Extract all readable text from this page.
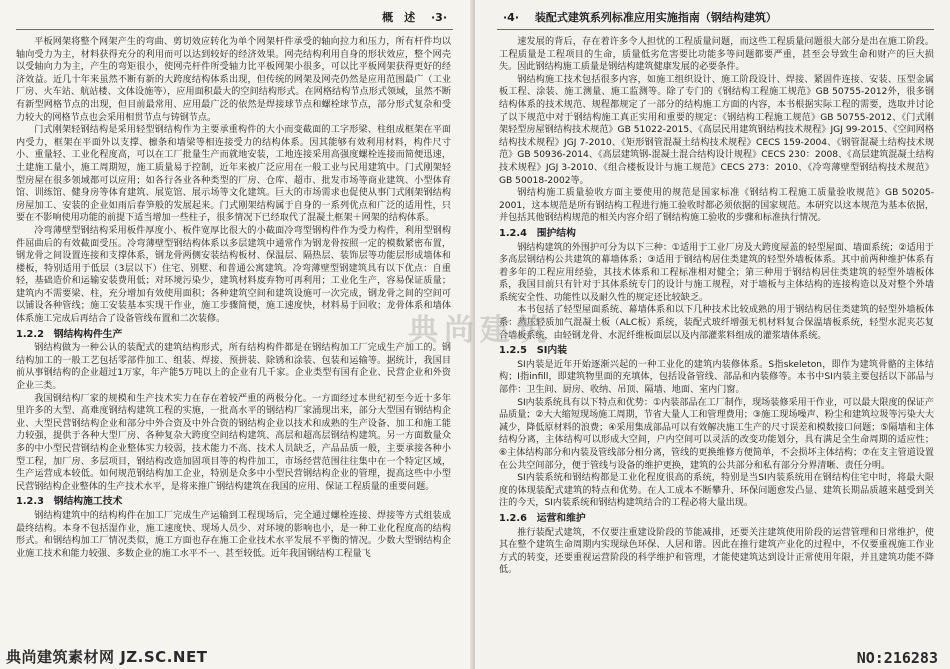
概　述 ·3·

平板网架将整个网架产生的弯曲、剪切效应转化为单个网架杆件承受的轴向拉力和压力，所有杆件均以轴向受力为主，材料获得充分的利用而可以达到较好的经济效果。网壳结构利用自身的形状效应，整个网壳以受轴向力为主，产生的弯矩很小，使网壳杆件所受轴力比平板网架小很多，可以比平板网架获得更好的经济效益。近几十年来虽然不断有新的大跨度结构体系出现，但传统的网架及网壳仍然是应用范围最广（工业厂房、火车站、航站楼、文体设施等），应用面积最大的空间结构形式。在网格结构节点形式领域，虽然不断有新型网格节点的出现，但目前最常用、应用最广泛的依然是焊接球节点和螺栓球节点，部分形式复杂和受力较大的网格节点也会采用相贯节点与铸钢节点。

门式刚架轻钢结构是采用轻型钢结构作为主要承重构件的大小而变截面的工字形梁、柱组成框架在平面内受力，框架在平面外以支撑、檩条和墙梁等相连接受力的结构体系。因其能够有效利用材料，构件尺寸小、重量轻、工业化程度高，可以在工厂批量生产而就地安装，工地连接采用高强度螺栓连接而简便迅速，土建施工量小，施工周期短，施工质量易于控制，近年来被广泛应用在一般工业与民用建筑中。门式刚架轻型房屋在很多领域都可以应用；如各行各业各种类型的厂房、仓库、超市、批发市场等商业建筑、小型体育馆、训练馆、健身房等体育建筑、展览馆、展示场等文化建筑。巨大的市场需求也促使从事门式刚架钢结构房屋加工、安装的企业如雨后春笋般的发展起来。门式刚架结构属于自身的一系列优点和广泛的适用性，只要在不影响使用功能的前提下适当增加一些柱子，很多情况下已经取代了混凝土框架＋网架的结构体系。

冷弯薄壁型钢结构采用板件厚度小、板件宽厚比很大的小截面冷弯型钢构件作为受力构件，利用型钢构件屈曲后的有效截面受压。冷弯薄壁型钢结构体系以多层建筑中通常作为钢龙骨按照一定的模数紧密布置，钢龙骨之间设置连接和支撑体系，钢龙骨两侧安装结构板材、保温层、隔热层、装饰层等功能层形成墙体和楼板，特别适用于低层（3层以下）住宅、别墅、和普通公寓建筑。冷弯薄壁型钢建筑具有以下优点：自重轻，基础造价和运输安装费用低；对环境污染少，建筑材料废弃物可再利用；工业化生产，容易保证质量；建筑内不需要梁、柱，充分增加有效使用面积；各种建筑空间和建筑设施可一次完成，钢龙骨之间的空间可以铺设各种管线；施工安装基本实现干作业，施工步骤简便，施工速度快，材料易于回收；龙骨体系和墙体体系施工完成后再结合了设备管线布置和二次装修。

1.2.2　钢结构构件生产

钢结构做为一种公认的装配式的建筑结构形式，所有结构构件都是在钢结构加工厂完成生产加工的。钢结构加工的一般工艺包括零部件加工、组装、焊接、预拼装、除锈和涂装、包装和运输等。据统计，我国目前从事钢结构的企业超过1万家，年产能5万吨以上的企业有几千家。企业类型有国有企业、民营企业和外资企业三类。

我国钢结构厂家的规模和生产技术实力在存在着较严重的两极分化。一方面经过本世纪初至今近十多年里许多的大型、高难度钢结构建筑工程的实施，一批高水平的钢结构厂家涌现出来，部分大型国有钢结构企业、大型民营钢结构企业和部分中外合资及中外合资的钢结构企业以技术和成熟的生产设备、加工和施工能力较强，提供于各种大型厂房、各种复杂大跨度空间结构建筑、高层和超高层钢结构建筑。另一方面数量众多的中小型民营钢结构企业整体实力较弱，技术能力不高、技术人员缺乏，产品品质一般，主要承接各种小型工程，加厂房、多层项目，钢结构改造加固项目等的构件加工，市场经营范围往往集中在一个特定区域，生产运营成本较低。如何规范钢结构加工企业，特别是众多中小型民营钢结构企业的管理，提高这些中小型民营钢结构企业整体的生产技术水平，是将来推广钢结构建筑在我国的应用、保证工程质量的重要问题。

1.2.3　钢结构施工技术

钢结构建筑中的结构构件在加工厂完成生产运输到工程现场后，完全通过螺栓连接、焊接等方式组装成最终结构。本身不包括湿作业，施工速度快、现场人员少、对环境的影响也小，是一种工业化程度高的结构形式。和钢结构加工厂情况类似，施工方面也存在施工企业技术水平发展不平衡的情况。少数大型钢结构企业施工技术和能力较强、多数企业的施工水平不一、甚至较低。近年我国钢结构工程量飞

·4· 装配式建筑系列标准应用实施指南（钢结构建筑）

速发展的背后，存在着许多令人担忧的工程质量问题，而这些工程质量问题很大部分是出在施工阶段。工程质量是工程项目的生命，质量低劣危害要比功能多等问题都要严重，甚至会导致生命和财产的巨大损失。因此钢结构施工质量是钢结构建筑健康发展的必要条件。

钢结构施工技术包括很多内容，如施工组织设计、施工阶段设计、焊接、紧固件连接、安装、压型金属板工程、涂装、施工测量、施工监测等。除了专门的《钢结构工程施工规范》GB 50755-2012外，很多钢结构体系的技术规范、规程都规定了一部分的结构施工方面的内容，本书根据实际工程的需要，选取并讨论了以下规范中对于钢结构施工真正实用和重要的规定：《钢结构工程施工规范》GB 50755-2012、《门式刚架轻型房屋钢结构技术规范》GB 51022-2015、《高层民用建筑钢结构技术规程》JGJ 99-2015、《空间网格结构技术规程》JGJ 7-2010、《矩形钢管混凝土结构技术规程》CECS 159-2004、《钢管混凝土结构技术规范》GB 50936-2014、《高层建筑钢-混凝土混合结构设计规程》CECS 230：2008、《高层建筑混凝土结构技术规程》JGJ 3-2010、《组合楼板设计与施工规范》CECS 273：2010、《冷弯薄壁型钢结构技术规范》GB 50018-2002等。

钢结构施工质量验收方面主要使用的规范是国家标准《钢结构工程施工质量验收规范》GB 50205-2001，这本规范是所有钢结构工程进行施工验收时都必须依据的国家规范。本研究以这本规范为基本依据，并包括其他钢结构规范的相关内容介绍了钢结构施工验收的步骤和标准执行情况。

1.2.4　围护结构

钢结构建筑的外围护可分为以下三种：①适用于工业厂房及大跨度屋盖的轻型屋面、墙面系统；②适用于多高层钢结构公共建筑的幕墙体系；③适用于钢结构居住类建筑的轻型外墙板体系。其中前两种维护体系有着多年的工程应用经验，其技术体系和工程标准相对健全；第三种用于钢结构居住类建筑的轻型外墙板体系，我国目前只有针对于其体系统专门的设计与施工规程，对于墙板与主体结构的连接构造以及对整个外墙系统安全性、功能性以及耐久性的规定还比较缺乏。

本书包括了轻型屋面系统、幕墙体系和以下几种技术比较成熟的用于钢结构居住类建筑的轻型外墙板体系：蒸压轻质加气混凝土板（ALC板）系统，装配式玻纤增强无机材料复合保温墙板系统，轻型水泥夹芯复合墙板系统，由轻钢龙骨、水泥纤维板面层以及内部灌浆料组成的灌浆墙体系统。

1.2.5　SI内装

SI内装是近年开始逐渐兴起的一种工业化的建筑内装修体系。S指skeleton，即作为建筑骨骼的主体结构；I指infill，即建筑物里面的充填体，包括设备管线、部品和内装修等。本书中SI内装主要包括以下部品与部件：卫生间、厨房、收纳、吊顶、隔墙、地面、室内门窗。

SI内装系统具有以下特点和优势：①内装部品在工厂制作，现场装修采用干作业，可以最大限度的保证产品质量；②大大缩短现场施工周期，节省大量人工和管理费用；③施工现场噪声、粉尘和建筑垃圾等污染大大减少，降低原材料的浪费；④采用集成部品可以有效解决施工生产的尺寸误差和模数接口问题；⑤隔墙和主体结构分离，主体结构可以形成大空间，户内空间可以灵活的改变功能划分，具有满足全生命周期的适应性；⑥主体结构部分和内装及管线部分相分离，管线的更换维修方便简单，不会损坏主体结构；⑦在支主管道设置在公共空间部分，便于管线与设备的维护更换，建筑的公共部分和私有部分分界清晰、责任分明。

SI内装系统和钢结构都是工业化程度很高的系统，特别是当SI内装系统用在钢结构住宅中时，将最大限度的体现装配式建筑的特点和优势。在人工成本不断攀升、环保问题愈发凸显、建筑长期品质越来越受到关注的今天，SI内装系统和钢结构建筑结合的工程必将大量出现。

1.2.6　运营和维护

推行装配式建筑，不仅要注重建设阶段的节能减排，还要关注建筑使用阶段的运营管理和日常维护，使其在整个建筑生命周期内实现绿色环保、人居和谐。因此在推行建筑产业化的过程中，不仅要重视施工作业方式的转变，还要重视运营阶段的科学维护和管理，才能使建筑达到设计正常使用年限，并且建筑功能不降低。

典尚建筑
典尚建筑素材网 JZ.SC.NET	NO:216283
